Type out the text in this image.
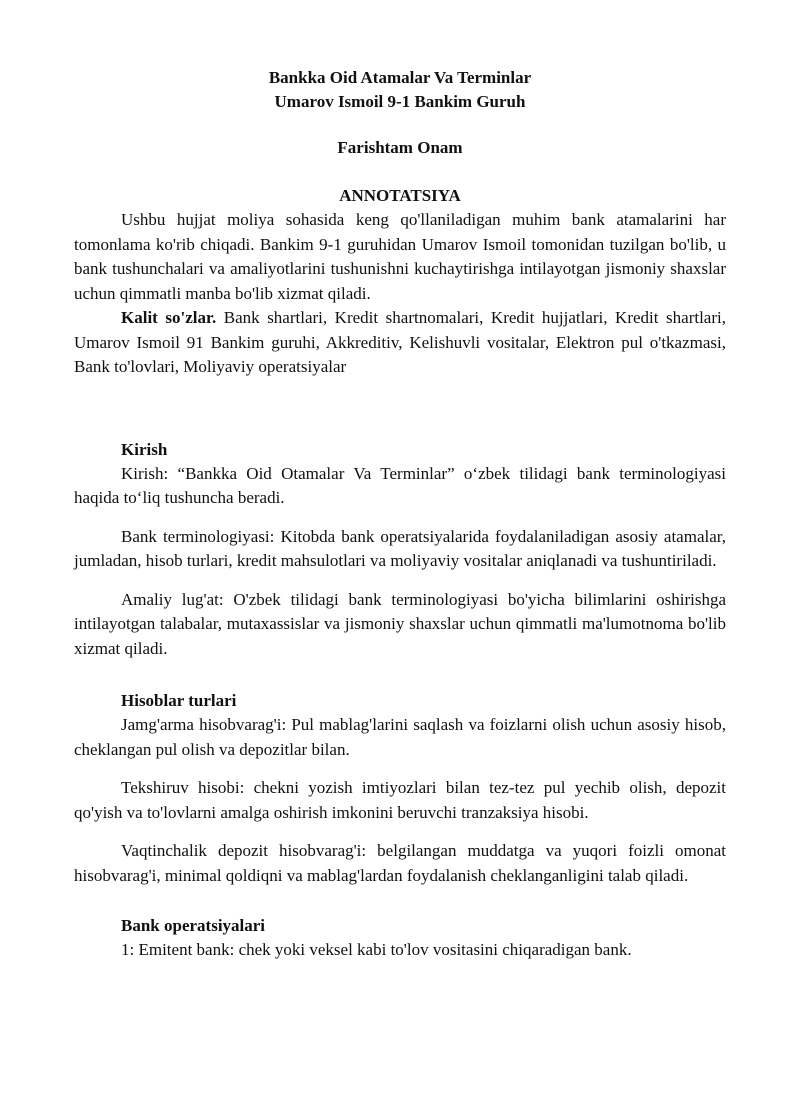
Bankka Oid Atamalar Va Terminlar
Umarov Ismoil 9-1 Bankim Guruh
Farishtam Onam
ANNOTATSIYA

Ushbu hujjat moliya sohasida keng qo'llaniladigan muhim bank atamalarini har tomonlama ko'rib chiqadi. Bankim 9-1 guruhidan Umarov Ismoil tomonidan tuzilgan bo'lib, u bank tushunchalari va amaliyotlarini tushunishni kuchaytirishga intilayotgan jismoniy shaxslar uchun qimmatli manba bo'lib xizmat qiladi.

Kalit so'zlar. Bank shartlari, Kredit shartnomalari, Kredit hujjatlari, Kredit shartlari, Umarov Ismoil 91 Bankim guruhi, Akkreditiv, Kelishuvli vositalar, Elektron pul o'tkazmasi, Bank to'lovlari, Moliyaviy operatsiyalar

Kirish

Kirish: “Bankka Oid Otamalar Va Terminlar” o‘zbek tilidagi bank terminologiyasi haqida to‘liq tushuncha beradi.

Bank terminologiyasi: Kitobda bank operatsiyalarida foydalaniladigan asosiy atamalar, jumladan, hisob turlari, kredit mahsulotlari va moliyaviy vositalar aniqlanadi va tushuntiriladi.

Amaliy lug'at: O'zbek tilidagi bank terminologiyasi bo'yicha bilimlarini oshirishga intilayotgan talabalar, mutaxassislar va jismoniy shaxslar uchun qimmatli ma'lumotnoma bo'lib xizmat qiladi.

Hisoblar turlari

Jamg'arma hisobvarag'i: Pul mablag'larini saqlash va foizlarni olish uchun asosiy hisob, cheklangan pul olish va depozitlar bilan.

Tekshiruv hisobi: chekni yozish imtiyozlari bilan tez-tez pul yechib olish, depozit qo'yish va to'lovlarni amalga oshirish imkonini beruvchi tranzaksiya hisobi.

Vaqtinchalik depozit hisobvarag'i: belgilangan muddatga va yuqori foizli omonat hisobvarag'i, minimal qoldiqni va mablag'lardan foydalanish cheklanganligini talab qiladi.

Bank operatsiyalari

1: Emitent bank: chek yoki veksel kabi to'lov vositasini chiqaradigan bank.
